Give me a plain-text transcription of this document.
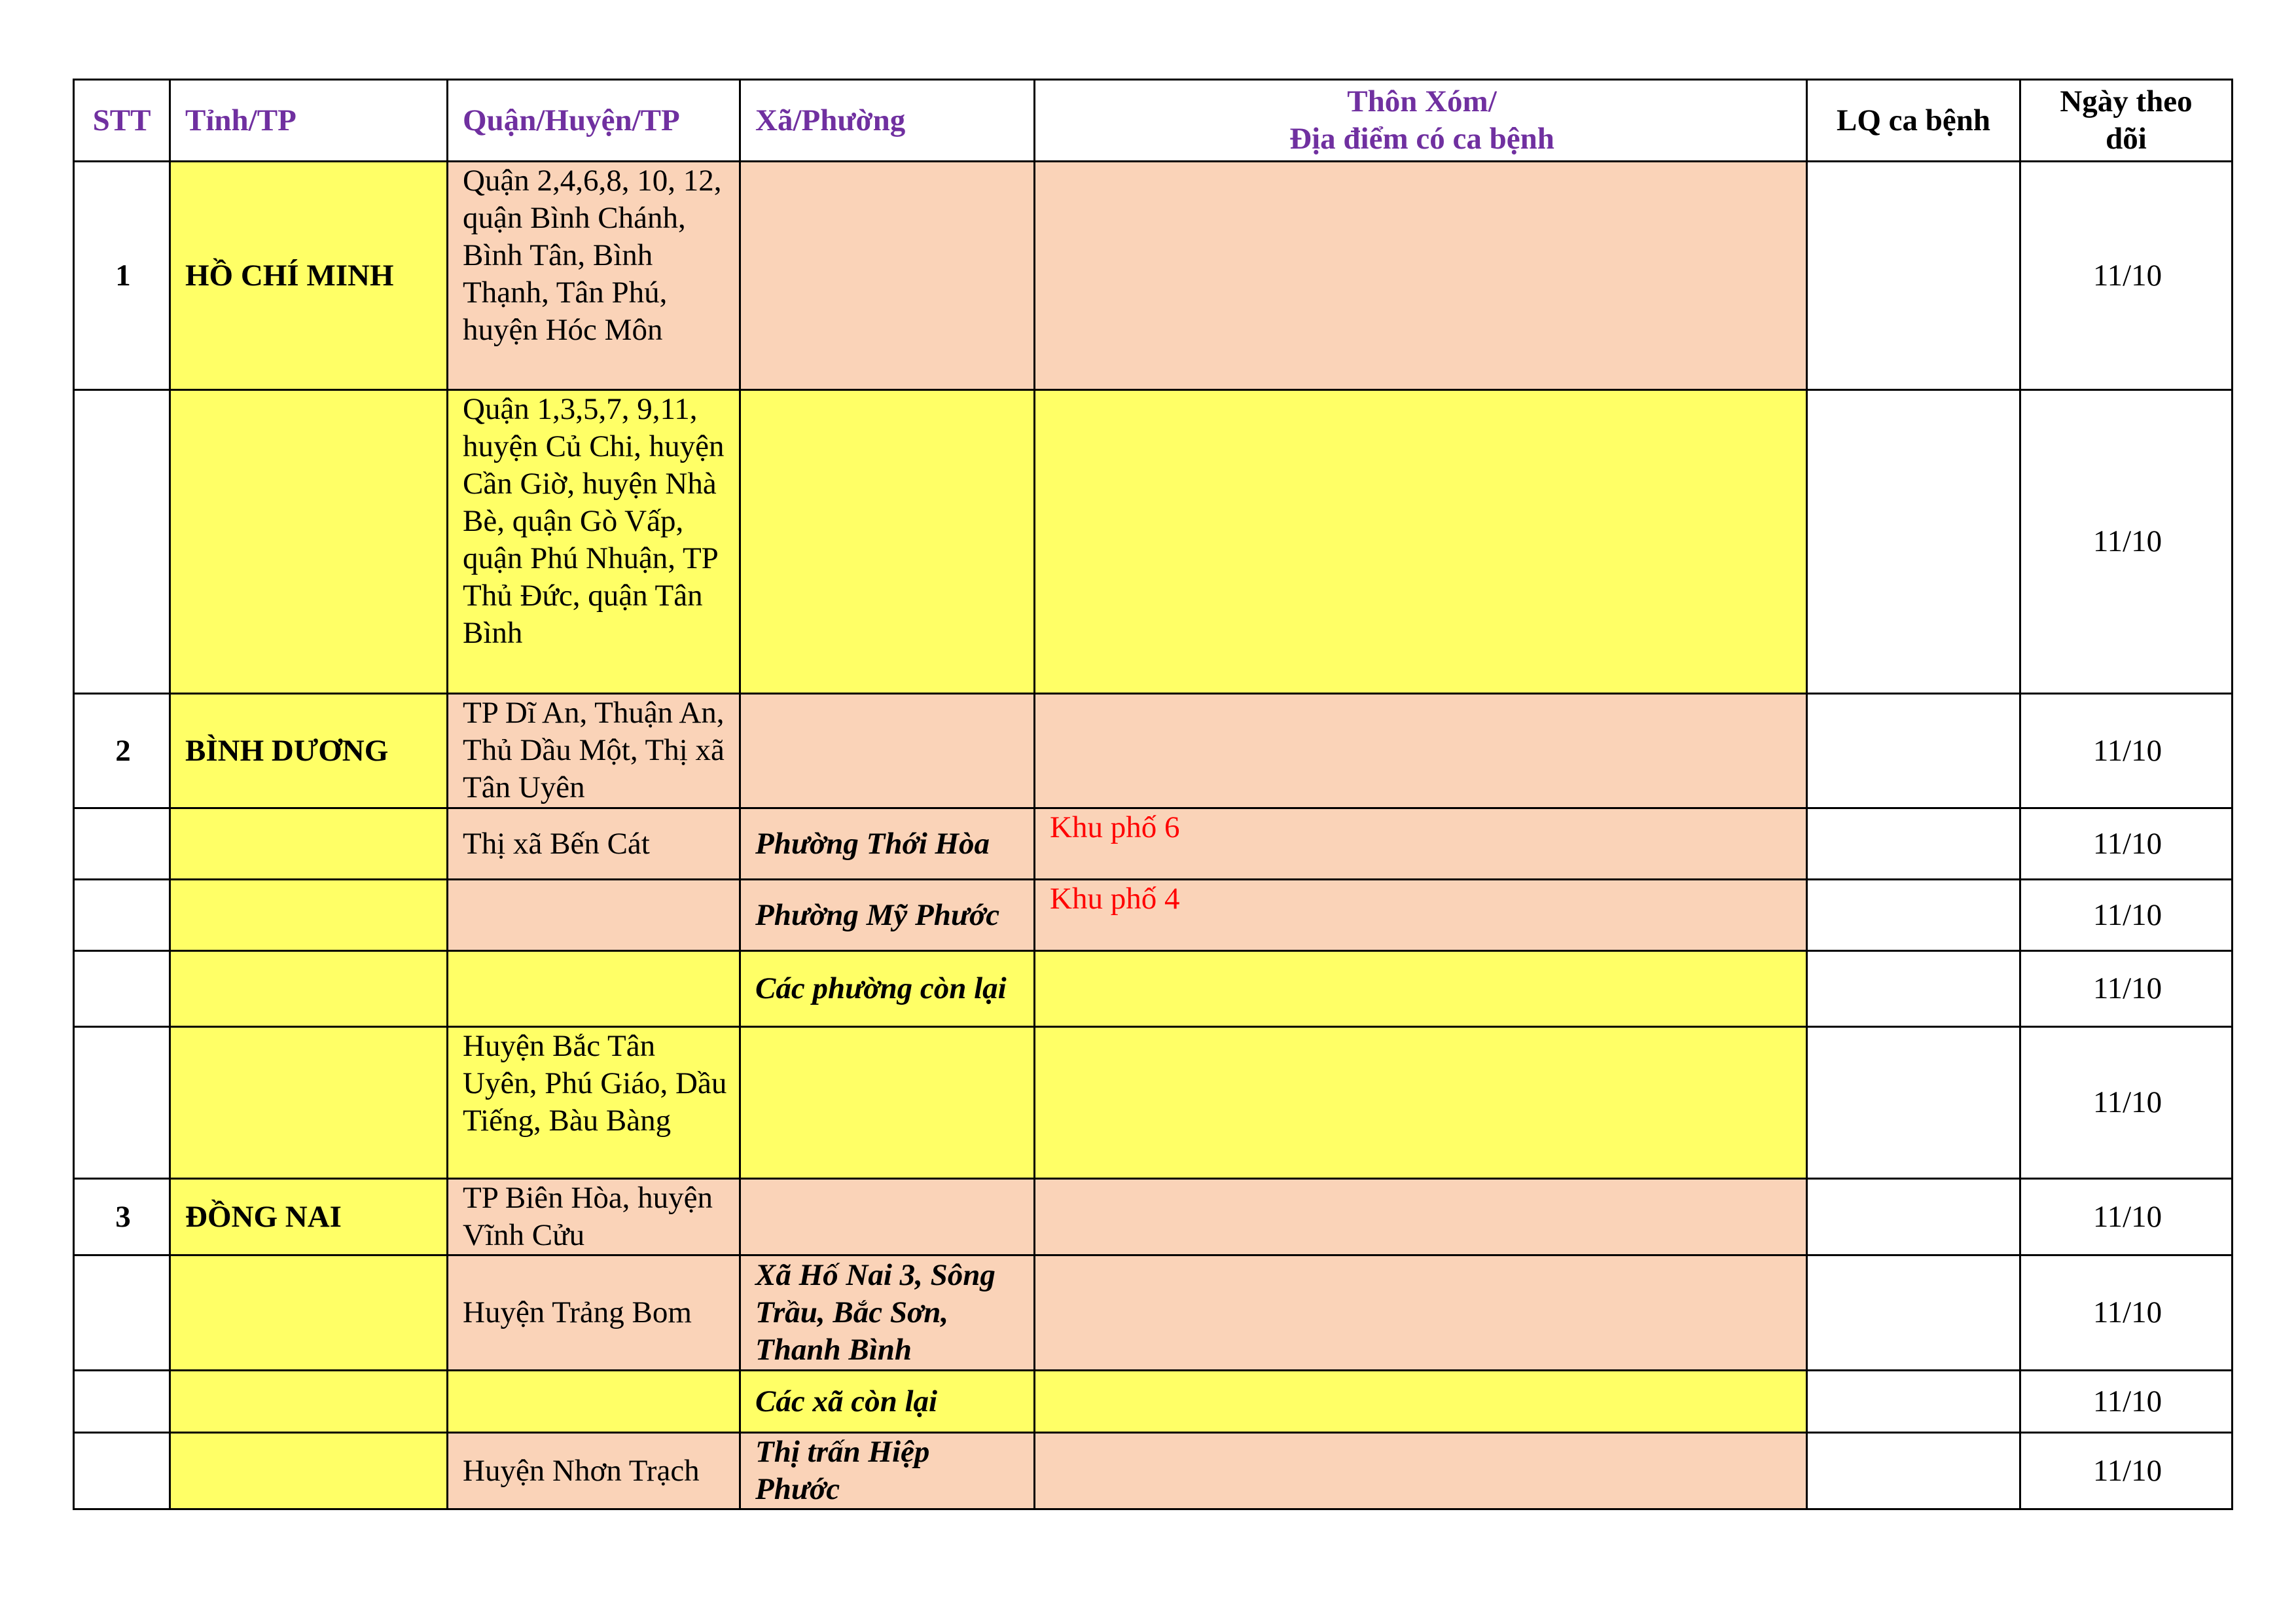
STT	Tỉnh/TP	Quận/Huyện/TP	Xã/Phường	Thôn Xóm/
Địa điểm có ca bệnh	LQ ca bệnh	Ngày theo dõi
1	HỒ CHÍ MINH	Quận 2,4,6,8, 10, 12, quận Bình Chánh, Bình Tân, Bình Thạnh, Tân Phú, huyện Hóc Môn				11/10
		Quận 1,3,5,7, 9,11, huyện Củ Chi, huyện Cần Giờ, huyện Nhà Bè, quận Gò Vấp, quận Phú Nhuận, TP Thủ Đức, quận Tân Bình				11/10
2	BÌNH DƯƠNG	TP Dĩ An, Thuận An, Thủ Dầu Một, Thị xã Tân Uyên				11/10
		Thị xã Bến Cát	Phường Thới Hòa	Khu phố 6		11/10
			Phường Mỹ Phước	Khu phố 4		11/10
			Các phường còn lại			11/10
		Huyện Bắc Tân Uyên, Phú Giáo, Dầu Tiếng, Bàu Bàng				11/10
3	ĐỒNG NAI	TP Biên Hòa, huyện Vĩnh Cửu				11/10
		Huyện Trảng Bom	Xã Hố Nai 3, Sông Trầu, Bắc Sơn, Thanh Bình			11/10
			Các xã còn lại			11/10
		Huyện Nhơn Trạch	Thị trấn Hiệp Phước			11/10
